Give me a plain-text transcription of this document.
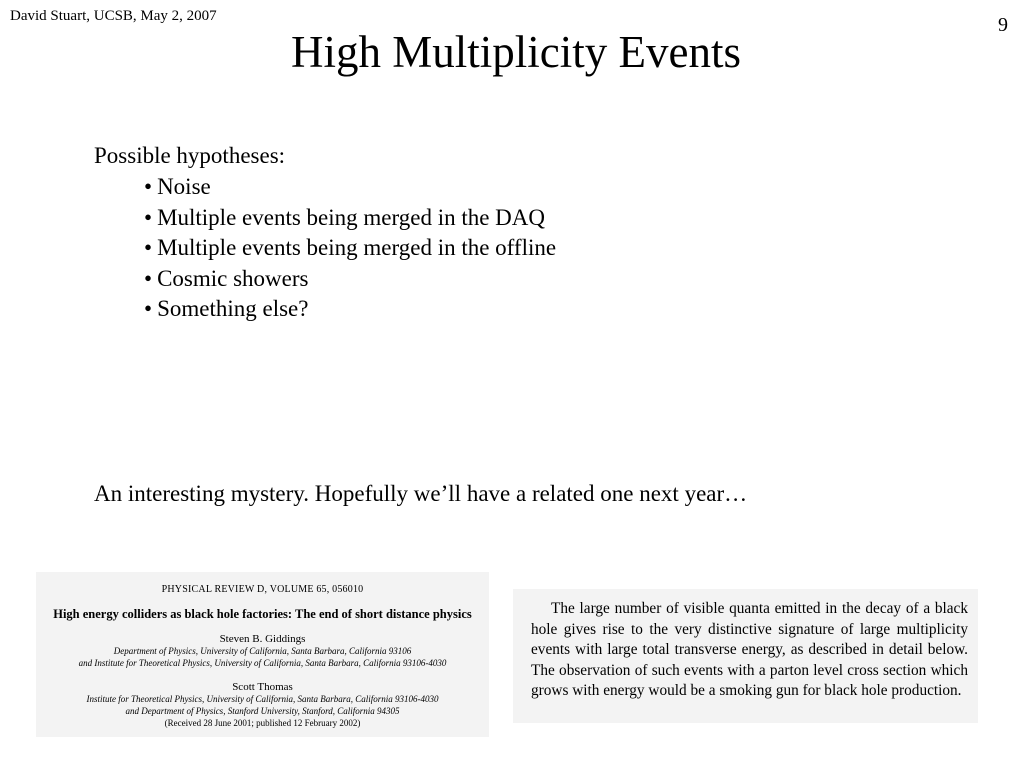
David Stuart, UCSB, May 2, 2007	9
High Multiplicity Events
Possible hypotheses:
• Noise
• Multiple events being merged in the DAQ
• Multiple events being merged in the offline
• Cosmic showers
• Something else?
An interesting mystery. Hopefully we’ll have a related one next year…
PHYSICAL REVIEW D, VOLUME 65, 056010
High energy colliders as black hole factories: The end of short distance physics
Steven B. Giddings
Department of Physics, University of California, Santa Barbara, California 93106
and Institute for Theoretical Physics, University of California, Santa Barbara, California 93106-4030
Scott Thomas
Institute for Theoretical Physics, University of California, Santa Barbara, California 93106-4030
and Department of Physics, Stanford University, Stanford, California 94305
(Received 28 June 2001; published 12 February 2002)
The large number of visible quanta emitted in the decay of a black hole gives rise to the very distinctive signature of large multiplicity events with large total transverse energy, as described in detail below. The observation of such events with a parton level cross section which grows with energy would be a smoking gun for black hole production.
